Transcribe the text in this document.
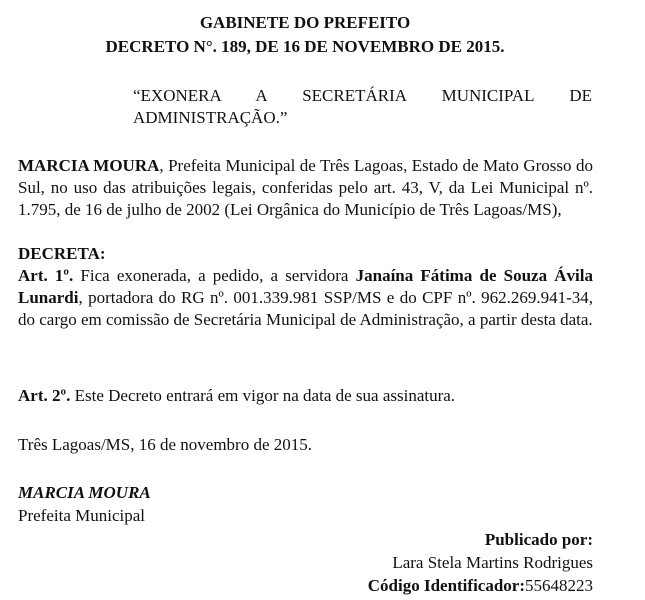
GABINETE DO PREFEITO
DECRETO N°. 189, DE 16 DE NOVEMBRO DE 2015.
“EXONERA A SECRETÁRIA MUNICIPAL DE ADMINISTRAÇÃO.”
MARCIA MOURA, Prefeita Municipal de Três Lagoas, Estado de Mato Grosso do Sul, no uso das atribuições legais, conferidas pelo art. 43, V, da Lei Municipal nº. 1.795, de 16 de julho de 2002 (Lei Orgânica do Município de Três Lagoas/MS),
DECRETA:
Art. 1º. Fica exonerada, a pedido, a servidora Janaína Fátima de Souza Ávila Lunardi, portadora do RG nº. 001.339.981 SSP/MS e do CPF nº. 962.269.941-34, do cargo em comissão de Secretária Municipal de Administração, a partir desta data.
Art. 2º. Este Decreto entrará em vigor na data de sua assinatura.
Três Lagoas/MS, 16 de novembro de 2015.
MARCIA MOURA
Prefeita Municipal
Publicado por:
Lara Stela Martins Rodrigues
Código Identificador:55648223
